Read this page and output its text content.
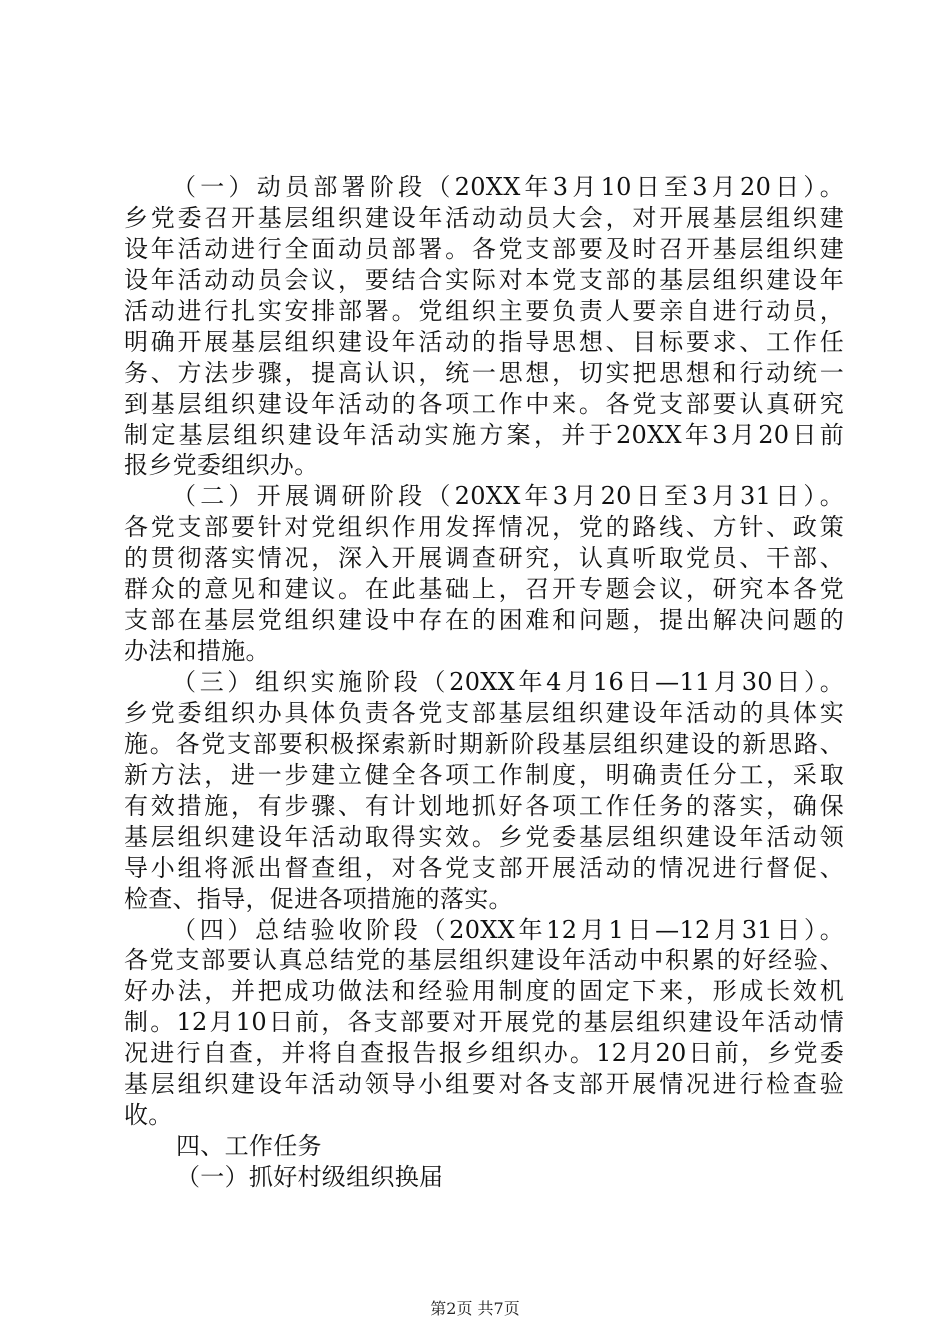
（一）动员部署阶段（20XX年3月10日至3月20日）。
乡党委召开基层组织建设年活动动员大会，对开展基层组织建
设年活动进行全面动员部署。各党支部要及时召开基层组织建
设年活动动员会议，要结合实际对本党支部的基层组织建设年
活动进行扎实安排部署。党组织主要负责人要亲自进行动员，
明确开展基层组织建设年活动的指导思想、目标要求、工作任
务、方法步骤，提高认识，统一思想，切实把思想和行动统一
到基层组织建设年活动的各项工作中来。各党支部要认真研究
制定基层组织建设年活动实施方案，并于20XX年3月20日前
报乡党委组织办。
（二）开展调研阶段（20XX年3月20日至3月31日）。
各党支部要针对党组织作用发挥情况，党的路线、方针、政策
的贯彻落实情况，深入开展调查研究，认真听取党员、干部、
群众的意见和建议。在此基础上，召开专题会议，研究本各党
支部在基层党组织建设中存在的困难和问题，提出解决问题的
办法和措施。
（三）组织实施阶段（20XX年4月16日—11月30日）。
乡党委组织办具体负责各党支部基层组织建设年活动的具体实
施。各党支部要积极探索新时期新阶段基层组织建设的新思路、
新方法，进一步建立健全各项工作制度，明确责任分工，采取
有效措施，有步骤、有计划地抓好各项工作任务的落实，确保
基层组织建设年活动取得实效。乡党委基层组织建设年活动领
导小组将派出督查组，对各党支部开展活动的情况进行督促、
检查、指导，促进各项措施的落实。
（四）总结验收阶段（20XX年12月1日—12月31日）。
各党支部要认真总结党的基层组织建设年活动中积累的好经验、
好办法，并把成功做法和经验用制度的固定下来，形成长效机
制。12月10日前，各支部要对开展党的基层组织建设年活动情
况进行自查，并将自查报告报乡组织办。12月20日前，乡党委
基层组织建设年活动领导小组要对各支部开展情况进行检查验
收。
四、工作任务
第2页 共7页
（一）抓好村级组织换届
